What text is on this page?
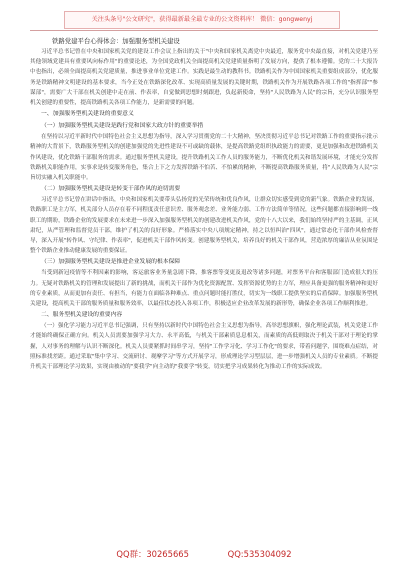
关注头条号"公文研究"，获得最新最全最专业的公文资料库！ 微信：gongwenyj

铁路党建平台心得体会：加强服务型机关建设

习近平总书记曾在中央和国家机关党的建设工作会议上指出的关于"中央和国家机关离党中央最近，服务党中央最直接，对机关党建乃至其他领域党建具有重要风向标作用"的重要论述，为全国党政机关全面提高机关党建质量指明了发展方向，提供了根本遵循。党的二十大报告中也指出，必须全面提高机关党建质量，推进事业单位党建工作。实践是最生动的教科书。铁路机关作为中国国家机关重要组成部分，优化服务是铁路精神文明建设的基本要求，当今正处在铁路深化改革、实现高质量发展的关键时期，铁路机关作为开展铁路各项工作的"指挥部""参谋部"，需要广大干部在机关创建中走在前、作表率，自觉做到思想时刻跟进，负起新使命，坚持"人民铁路为人民"的宗旨，充分认识服务型机关创建的重要性，提高铁路机关各项工作能力，是新需要的问题。

一、加强服务型机关建设的重要意义

（一）加强服务型机关建设是践行党和国家大政方针的重要举措

在坚持以习近平新时代中国特色社会主义思想为指导，深入学习贯彻党的二十大精神，坚决贯彻习近平总书记对铁路工作的重要指示批示精神的大背景下，铁路服务型机关的创建加强党的先进性建设不可或缺的载体，是提高铁路党组织执政能力的需要，更是加强和改进铁路机关作风建设，优化铁路干部服务的需求。通过服务型机关建设，提升铁路机关工作人员的服务能力，不断优化机关和谐发展环境，才能充分发挥铁路机关职能作用，实事求是转变服务角色，集合上下之力发挥铁路不怕苦、不怕累的精神，不断提高铁路服务质量，将"人民铁路为人民"宗旨切实融入机关职能中。

（二）加强服务型机关建设是转变干部作风的迫切需要

习近平总书记曾在讲话中指出，中央和国家机关要带头弘扬党的光荣传统和优良作风，让群众切实感受到党的新气象。铁路企业的发展，铁路职工是主力军，机关部分人员存在着不同程度责任意识差、服务观念差、业务能力弱、工作方法简单等情况，这些问题都直接影响到一线职工的期盼，铁路企业的发展要求在未来进一步深入加强服务型机关的创建改进机关作风，党的十八大以来，我们始终坚持严的主基调，正风肃纪，从严管理和监督党员干部，维护了机关的良好形象。严格落实中央八项规定精神，持之以恒纠治"四风"，通过常态化干部作风检查督导，深入开展"转作风、守纪律、作表率"，促进机关干部作风转变。创建服务型机关，培养良好的机关干部作风，营造浓厚的廉洁从业氛围是整个铁路企业推动健康发展的重要保证。

（三）加强服务型机关建设是推进企业发展的根本保障

当受到新冠疫情等不利因素的影响，客运旅客业务量急剧下降，推客票等变更及退改等诸多问题，对票务平台和客服部门造成很大的压力。无疑对铁路机关的管理和发展提出了新的挑战，而机关干部作为优化资源配置、发挥资源优势的主力军，理应具备更强的服务精神和更好的专业素质，从而更加有责任、有担当，有能力在面临各种难点、重点问题时能打胜仗，切实为一线职工提供坚实的后盾保障。加强服务型机关建设，提高机关干部的服务质量和服务效率，以最佳状态投入各项工作，积极适应企业改革发展的新形势，确保企业各项工作顺利推进。

二、服务型机关建设的重要内容

（一）强化学习能力习近平总书记强调，只有坚持以新时代中国特色社会主义思想为指导，高举思想旗帜，强化理论武装，机关党建工作才能始终确保正确方向。机关人员需要加强学习大力、永平高低，与机关干部素质息息相关，而素质的高低则取决于机关干部对于理论的掌握，人对事务的理解与认识不断深化。机关人员要紧抓时间串学习，坚持"工作学习化、学习工作化"的要求，带着问题学，围绕难点症结，对照标准找差距。通过采取"集中学习、交流研讨、观摩学习"等方式开展学习，形成理论学习型层层，进一步增强机关人员的专业素质。不断提升机关干部理论学习效果，实现由被动的"要我学"向主动的"我要学"转变，切实把学习成果转化为推动工作的实际成效。

QQ群：30265665	QQ:535304092
